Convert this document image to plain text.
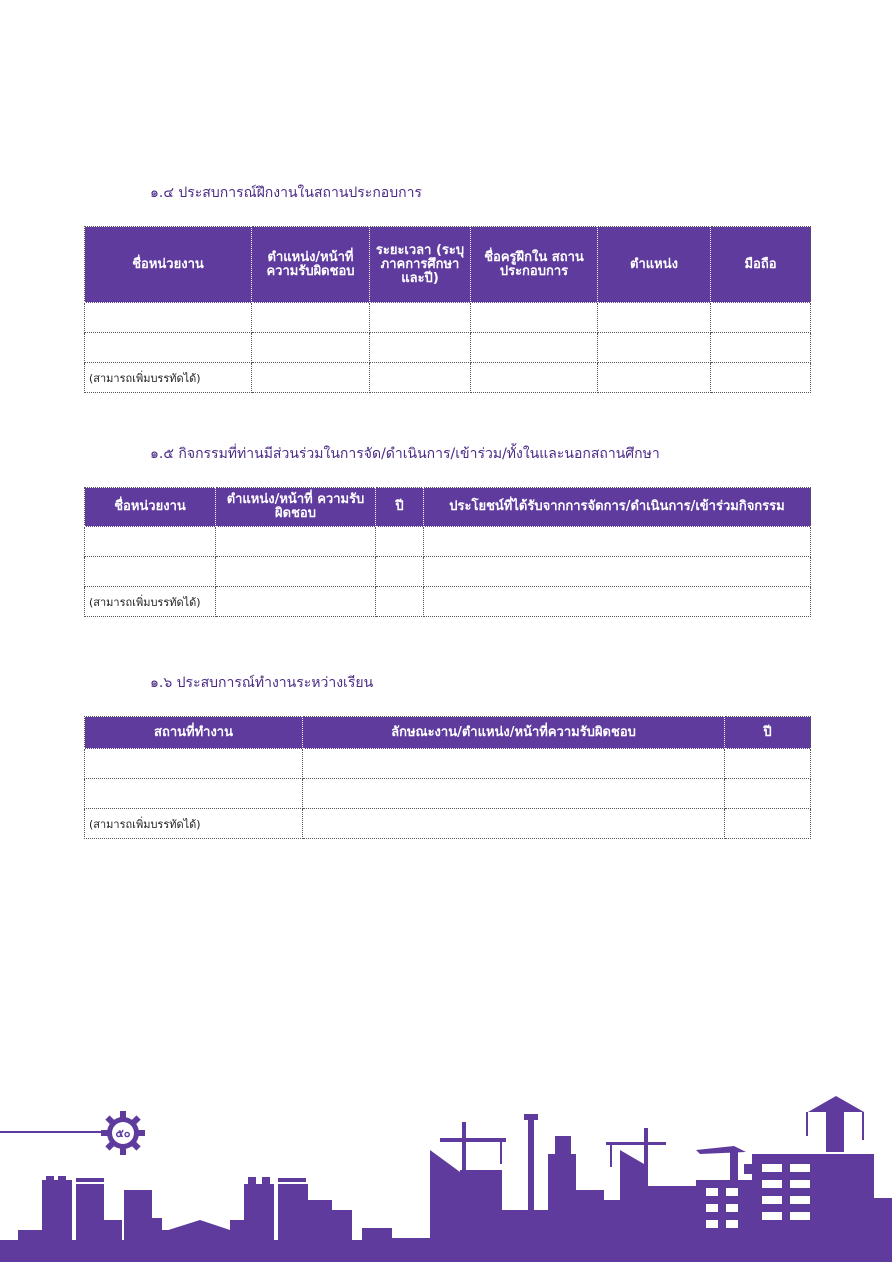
๑.๔ ประสบการณ์ฝึกงานในสถานประกอบการ
ชื่อหน่วยงาน	ตำแหน่ง/หน้าที่ ความรับผิดชอบ	ระยะเวลา (ระบุ ภาคการศึกษา และปี)	ชื่อครูฝึกใน สถานประกอบการ	ตำแหน่ง	มือถือ

(สามารถเพิ่มบรรทัดได้)					
๑.๕ กิจกรรมที่ท่านมีส่วนร่วมในการจัด/ดำเนินการ/เข้าร่วม/ทั้งในและนอกสถานศึกษา
ชื่อหน่วยงาน	ตำแหน่ง/หน้าที่ ความรับผิดชอบ	ปี	ประโยชน์ที่ได้รับจากการจัดการ/ดำเนินการ/เข้าร่วมกิจกรรม

(สามารถเพิ่มบรรทัดได้)			
๑.๖ ประสบการณ์ทำงานระหว่างเรียน
สถานที่ทำงาน	ลักษณะงาน/ตำแหน่ง/หน้าที่ความรับผิดชอบ	ปี

(สามารถเพิ่มบรรทัดได้)		
๕๐
